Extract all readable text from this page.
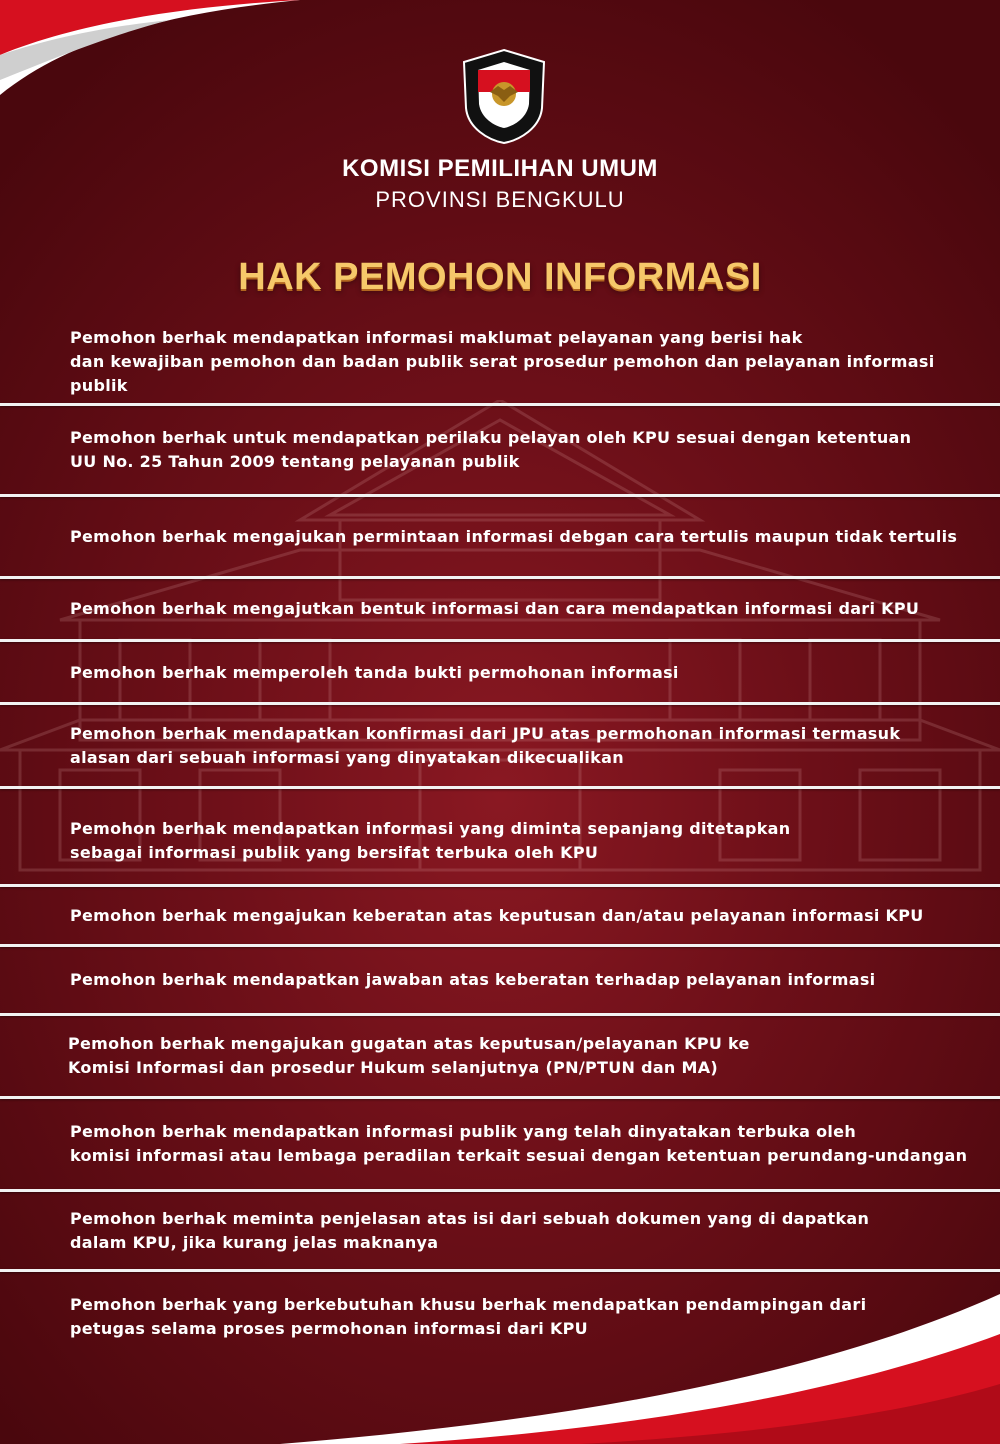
KOMISI PEMILIHAN UMUM
PROVINSI BENGKULU
HAK PEMOHON INFORMASI
Pemohon berhak mendapatkan informasi maklumat pelayanan yang berisi hak
dan kewajiban pemohon dan badan publik serat prosedur pemohon dan pelayanan informasi publik
Pemohon berhak untuk mendapatkan perilaku pelayan oleh KPU sesuai dengan ketentuan
UU No. 25 Tahun 2009 tentang pelayanan publik
Pemohon berhak mengajukan permintaan informasi debgan cara tertulis maupun tidak tertulis
Pemohon berhak mengajutkan bentuk informasi dan cara mendapatkan informasi dari KPU
Pemohon berhak memperoleh tanda bukti permohonan informasi
Pemohon berhak mendapatkan konfirmasi dari JPU atas permohonan informasi termasuk
alasan dari sebuah informasi yang dinyatakan dikecualikan
Pemohon berhak mendapatkan informasi yang diminta sepanjang ditetapkan
sebagai informasi publik yang bersifat terbuka oleh KPU
Pemohon berhak mengajukan keberatan atas keputusan dan/atau pelayanan informasi KPU
Pemohon berhak mendapatkan jawaban atas keberatan terhadap pelayanan informasi
Pemohon berhak mengajukan gugatan atas keputusan/pelayanan KPU ke
Komisi Informasi dan prosedur Hukum selanjutnya (PN/PTUN dan MA)
Pemohon berhak mendapatkan informasi publik yang telah dinyatakan terbuka oleh
komisi informasi atau lembaga peradilan terkait sesuai dengan ketentuan perundang-undangan
Pemohon berhak meminta penjelasan atas isi dari sebuah dokumen yang di dapatkan
dalam KPU, jika kurang jelas maknanya
Pemohon berhak yang berkebutuhan khusu berhak mendapatkan pendampingan dari
petugas selama proses permohonan informasi dari KPU
